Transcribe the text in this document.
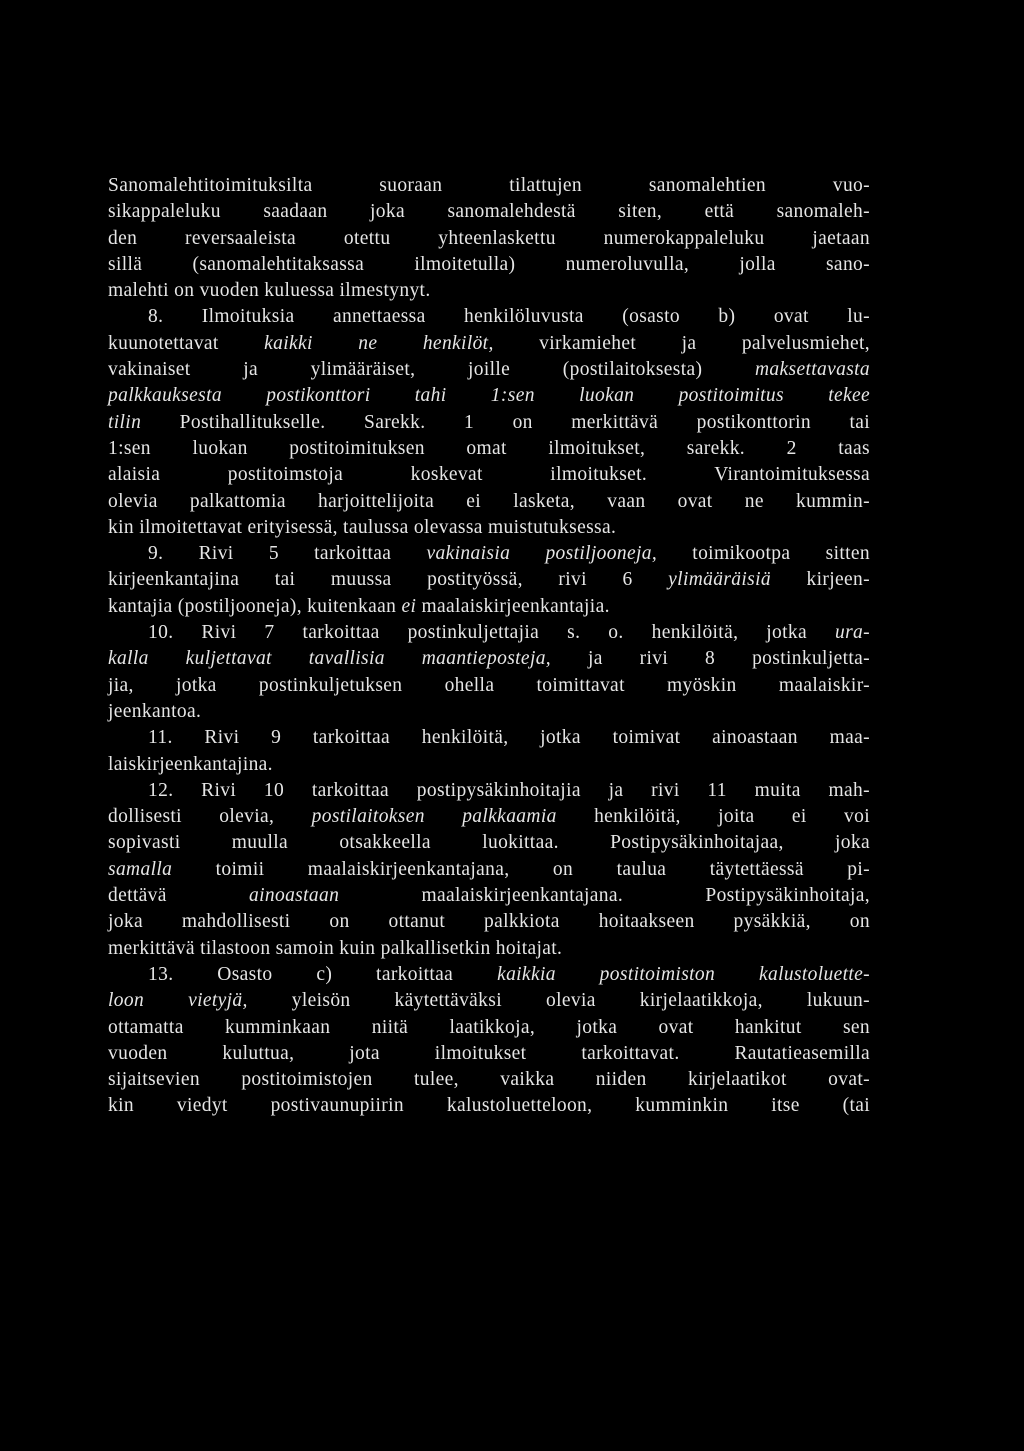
Sanomalehtitoimituksilta suoraan tilattujen sanomalehtien vuo-
sikappaleluku saadaan joka sanomalehdestä siten, että sanomaleh-
den reversaaleista otettu yhteenlaskettu numerokappaleluku jaetaan
sillä (sanomalehtitaksassa ilmoitetulla) numeroluvulla, jolla sano-
malehti on vuoden kuluessa ilmestynyt.
8. Ilmoituksia annettaessa henkilöluvusta (osasto b) ovat lu-
kuunotettavat kaikki ne henkilöt, virkamiehet ja palvelusmiehet,
vakinaiset ja ylimääräiset, joille (postilaitoksesta) maksettavasta
palkkauksesta postikonttori tahi 1:sen luokan postitoimitus tekee
tilin Postihallitukselle. Sarekk. 1 on merkittävä postikonttorin tai
1:sen luokan postitoimituksen omat ilmoitukset, sarekk. 2 taas
alaisia postitoimstoja koskevat ilmoitukset. Virantoimituksessa
olevia palkattomia harjoittelijoita ei lasketa, vaan ovat ne kummin-
kin ilmoitettavat erityisessä, taulussa olevassa muistutuksessa.
9. Rivi 5 tarkoittaa vakinaisia postiljooneja, toimikootpa sitten
kirjeenkantajina tai muussa postityössä, rivi 6 ylimääräisiä kirjeen-
kantajia (postiljooneja), kuitenkaan ei maalaiskirjeenkantajia.
10. Rivi 7 tarkoittaa postinkuljettajia s. o. henkilöitä, jotka ura-
kalla kuljettavat tavallisia maantieposteja, ja rivi 8 postinkuljetta-
jia, jotka postinkuljetuksen ohella toimittavat myöskin maalaiskir-
jeenkantoa.
11. Rivi 9 tarkoittaa henkilöitä, jotka toimivat ainoastaan maa-
laiskirjeenkantajina.
12. Rivi 10 tarkoittaa postipysäkinhoitajia ja rivi 11 muita mah-
dollisesti olevia, postilaitoksen palkkaamia henkilöitä, joita ei voi
sopivasti muulla otsakkeella luokittaa. Postipysäkinhoitajaa, joka
samalla toimii maalaiskirjeenkantajana, on taulua täytettäessä pi-
dettävä ainoastaan maalaiskirjeenkantajana. Postipysäkinhoitaja,
joka mahdollisesti on ottanut palkkiota hoitaakseen pysäkkiä, on
merkittävä tilastoon samoin kuin palkallisetkin hoitajat.
13. Osasto c) tarkoittaa kaikkia postitoimiston kalustoluette-
loon vietyjä, yleisön käytettäväksi olevia kirjelaatikkoja, lukuun-
ottamatta kumminkaan niitä laatikkoja, jotka ovat hankitut sen
vuoden kuluttua, jota ilmoitukset tarkoittavat. Rautatieasemilla
sijaitsevien postitoimistojen tulee, vaikka niiden kirjelaatikot ovat-
kin viedyt postivaunupiirin kalustoluetteloon, kumminkin itse (tai
